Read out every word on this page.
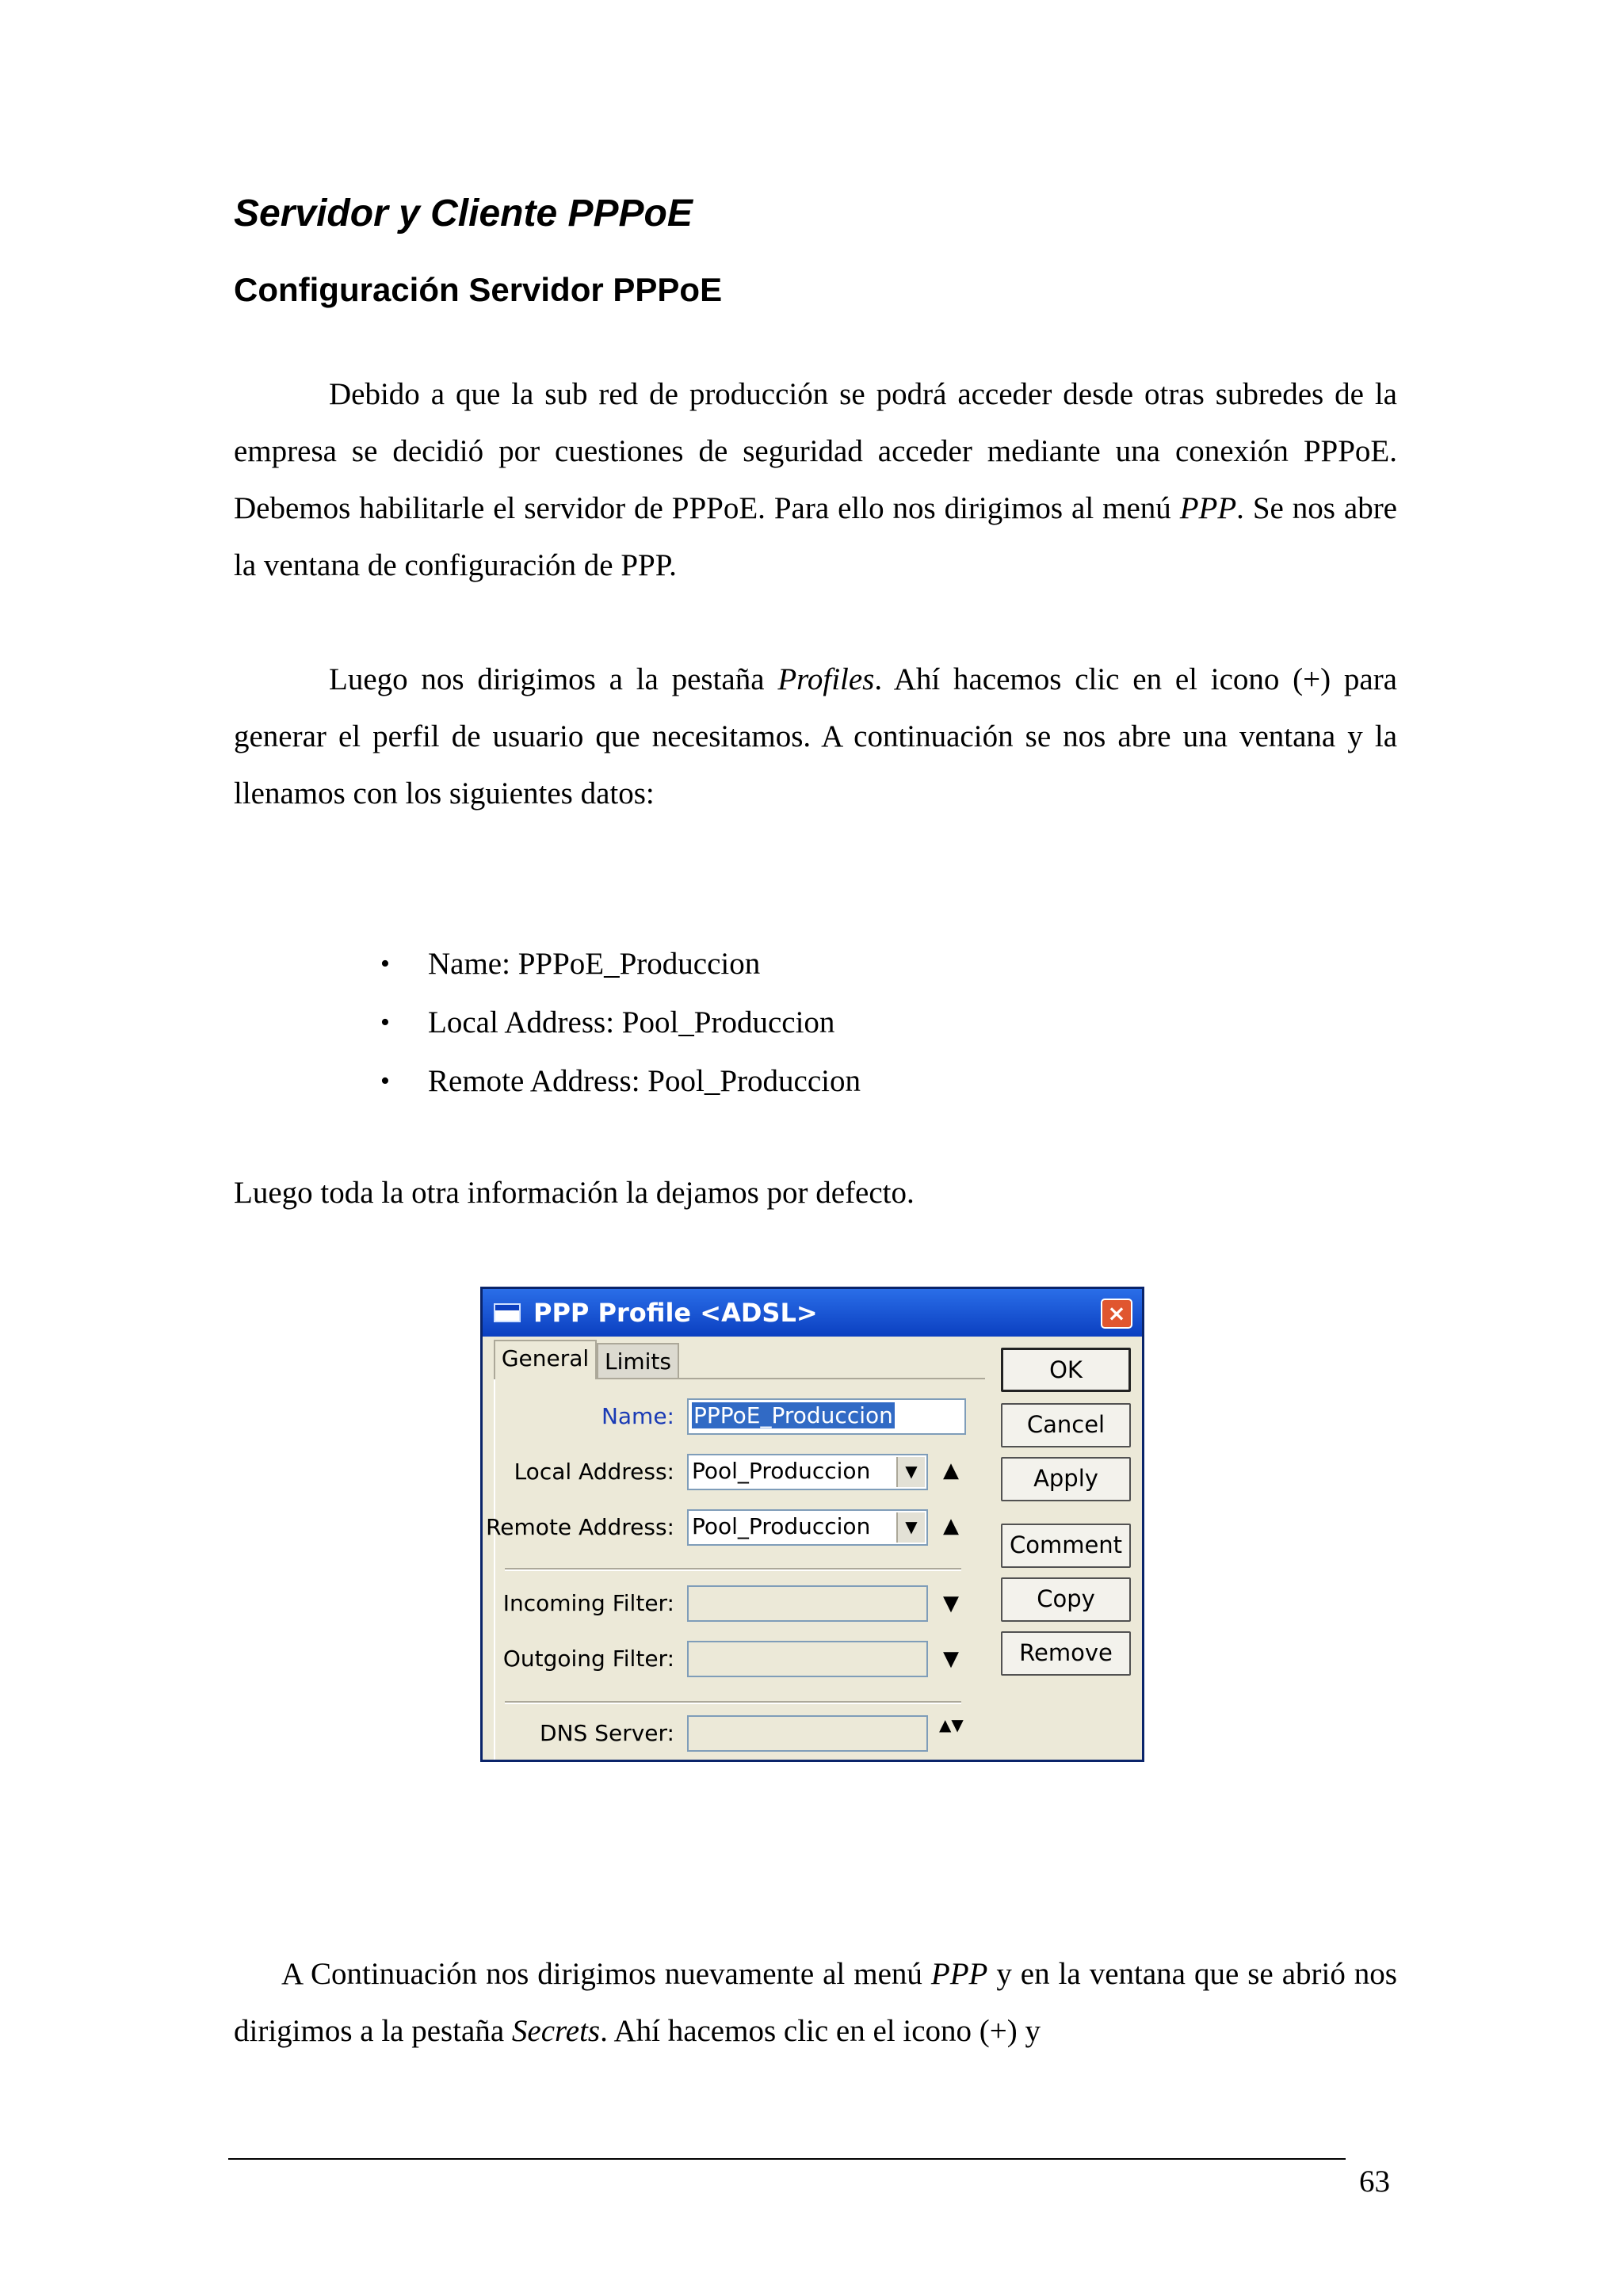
Servidor y Cliente PPPoE
Configuración Servidor PPPoE

Debido a que la sub red de producción se podrá acceder desde otras subredes de la empresa se decidió por cuestiones de seguridad acceder mediante una conexión PPPoE. Debemos habilitarle el servidor de PPPoE. Para ello nos dirigimos al menú PPP. Se nos abre la ventana de configuración de PPP.

Luego nos dirigimos a la pestaña Profiles. Ahí hacemos clic en el icono (+) para generar el perfil de usuario que necesitamos. A continuación se nos abre una ventana y la llenamos con los siguientes datos:

•	Name: PPPoE_Produccion
•	Local Address: Pool_Produccion
•	Remote Address: Pool_Produccion

Luego toda la otra información la dejamos por defecto.

PPP Profile <ADSL>	×
General Limits
Name: PPPoE_Produccion
Local Address: Pool_Produccion	▼	▲
Remote Address: Pool_Produccion	▼	▲
Incoming Filter:	▼
Outgoing Filter:	▼
DNS Server:	▲▼
OK
Cancel
Apply
Comment
Copy
Remove

A Continuación nos dirigimos nuevamente al menú PPP y en la ventana que se abrió nos dirigimos a la pestaña Secrets. Ahí hacemos clic en el icono (+) y

63
